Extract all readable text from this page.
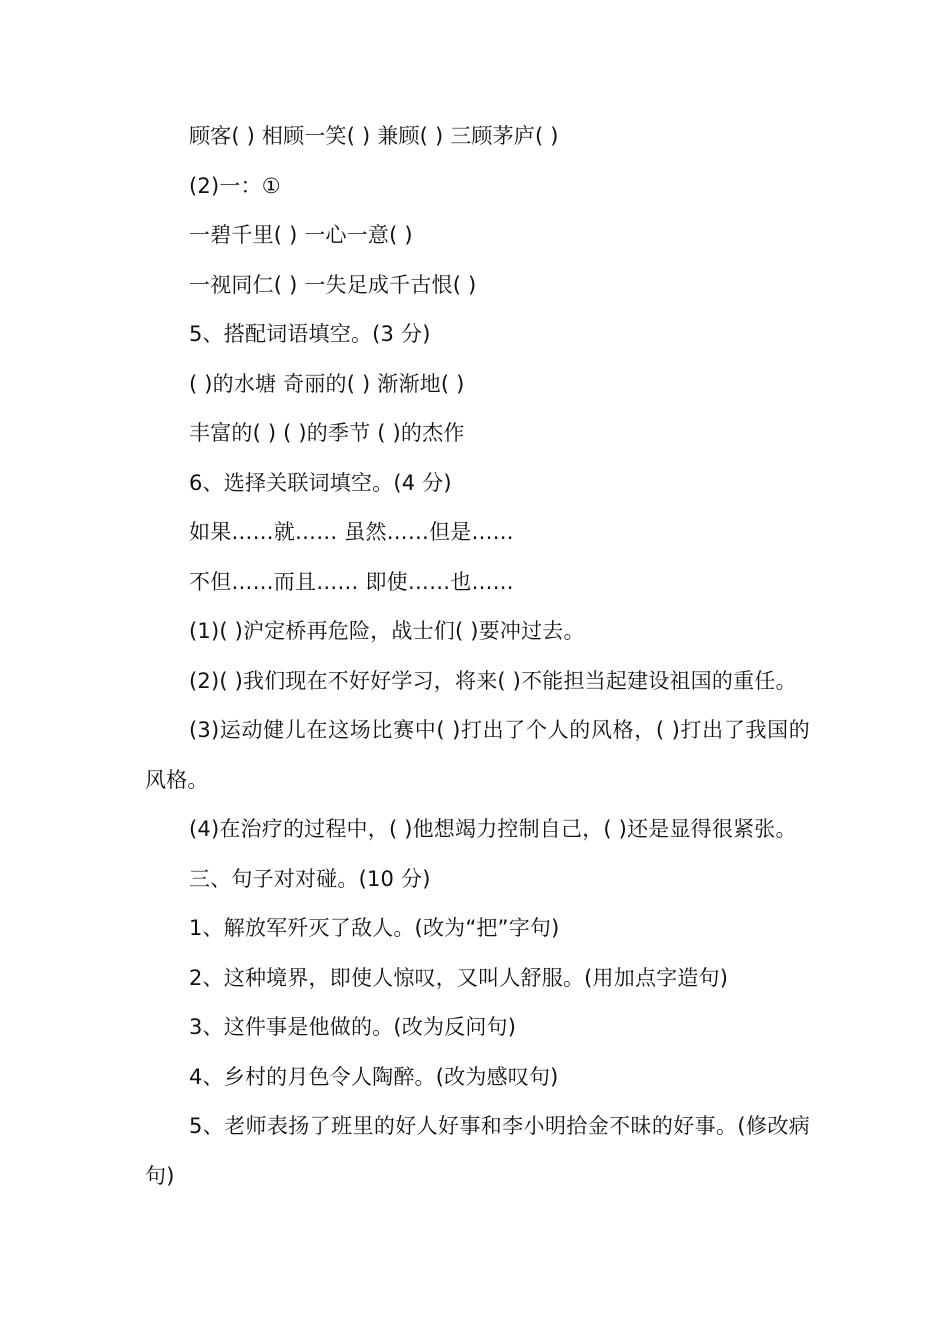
顾客( ) 相顾一笑( ) 兼顾( ) 三顾茅庐( )
(2)一：①
一碧千里( ) 一心一意( )
一视同仁( ) 一失足成千古恨( )
5、搭配词语填空。(3 分)
( )的水塘 奇丽的( ) 渐渐地( )
丰富的( ) ( )的季节 ( )的杰作
6、选择关联词填空。(4 分)
如果……就…… 虽然……但是……
不但……而且…… 即使……也……
(1)( )沪定桥再危险，战士们( )要冲过去。
(2)( )我们现在不好好学习，将来( )不能担当起建设祖国的重任。
(3)运动健儿在这场比赛中( )打出了个人的风格，( )打出了我国的风格。
(4)在治疗的过程中，( )他想竭力控制自己，( )还是显得很紧张。
三、句子对对碰。(10 分)
1、解放军歼灭了敌人。(改为“把”字句)
2、这种境界，即使人惊叹，又叫人舒服。(用加点字造句)
3、这件事是他做的。(改为反问句)
4、乡村的月色令人陶醉。(改为感叹句)
5、老师表扬了班里的好人好事和李小明拾金不昧的好事。(修改病句)
